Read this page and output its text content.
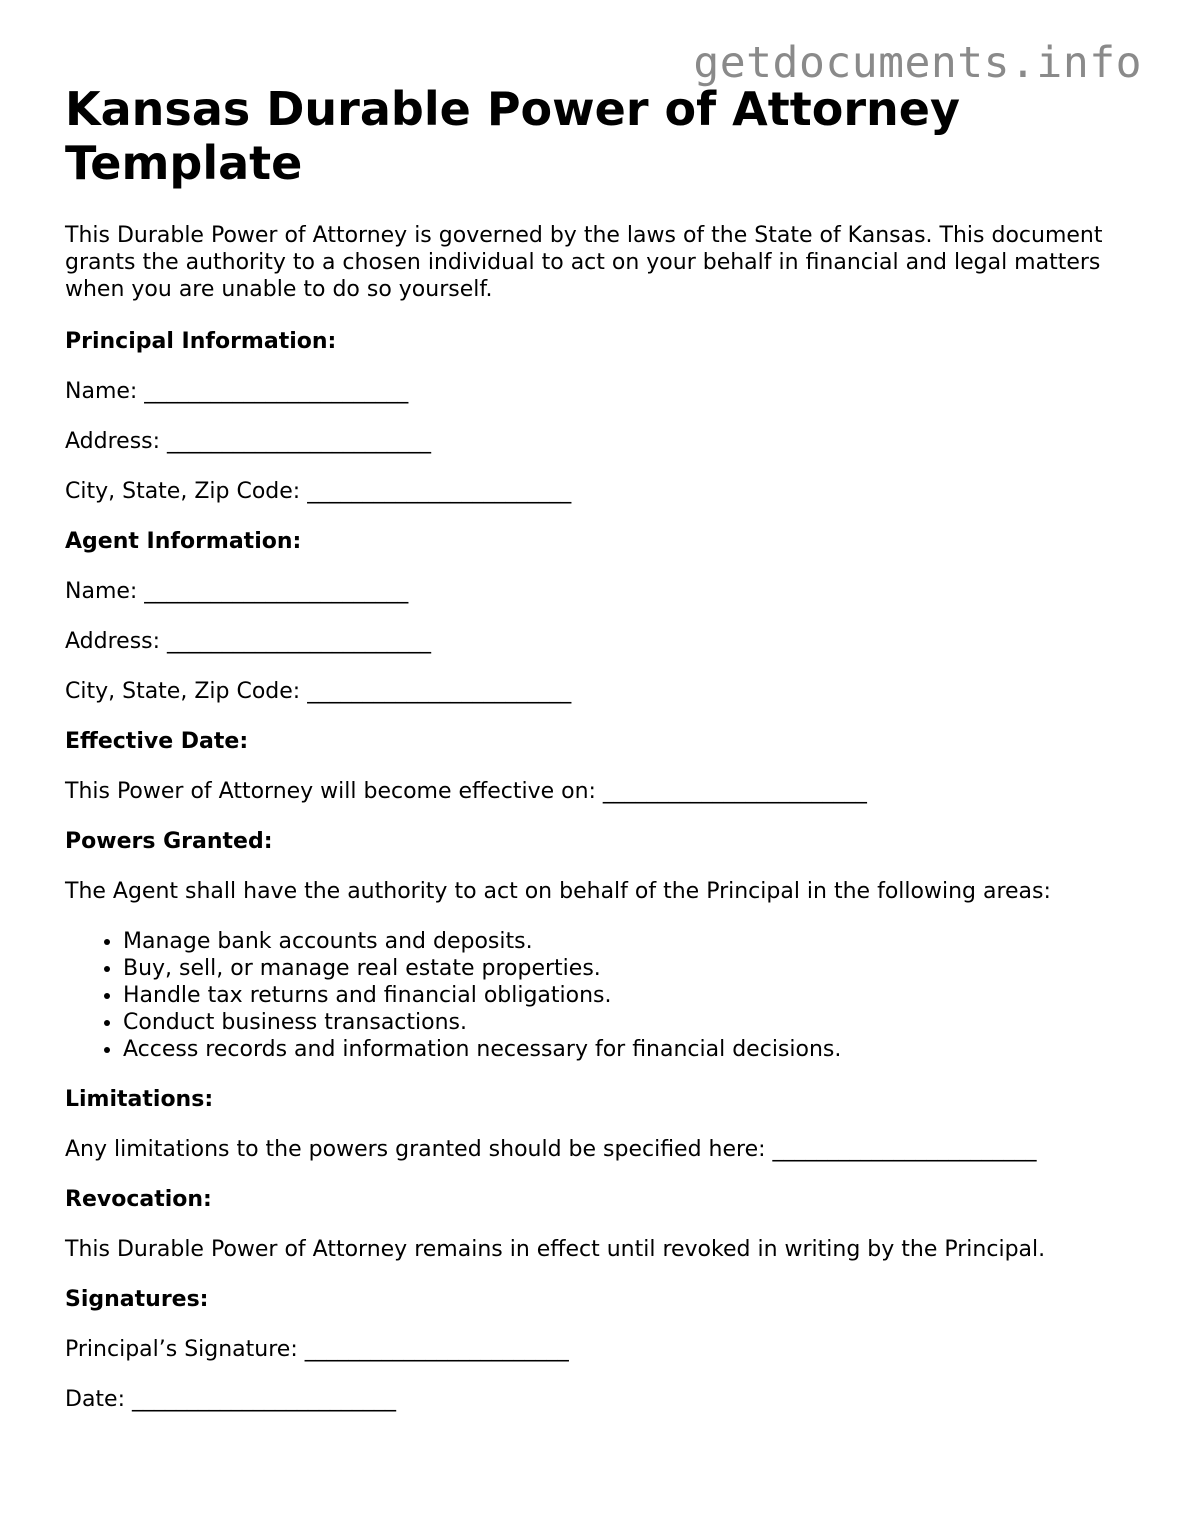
getdocuments.info
Kansas Durable Power of Attorney Template

This Durable Power of Attorney is governed by the laws of the State of Kansas. This document grants the authority to a chosen individual to act on your behalf in financial and legal matters when you are unable to do so yourself.

Principal Information:

Name: ________________________

Address: ________________________

City, State, Zip Code: ________________________

Agent Information:

Name: ________________________

Address: ________________________

City, State, Zip Code: ________________________

Effective Date:

This Power of Attorney will become effective on: ________________________

Powers Granted:

The Agent shall have the authority to act on behalf of the Principal in the following areas:

• Manage bank accounts and deposits.
• Buy, sell, or manage real estate properties.
• Handle tax returns and financial obligations.
• Conduct business transactions.
• Access records and information necessary for financial decisions.
Limitations:

Any limitations to the powers granted should be specified here: ________________________

Revocation:

This Durable Power of Attorney remains in effect until revoked in writing by the Principal.

Signatures:

Principal’s Signature: ________________________

Date: ________________________
